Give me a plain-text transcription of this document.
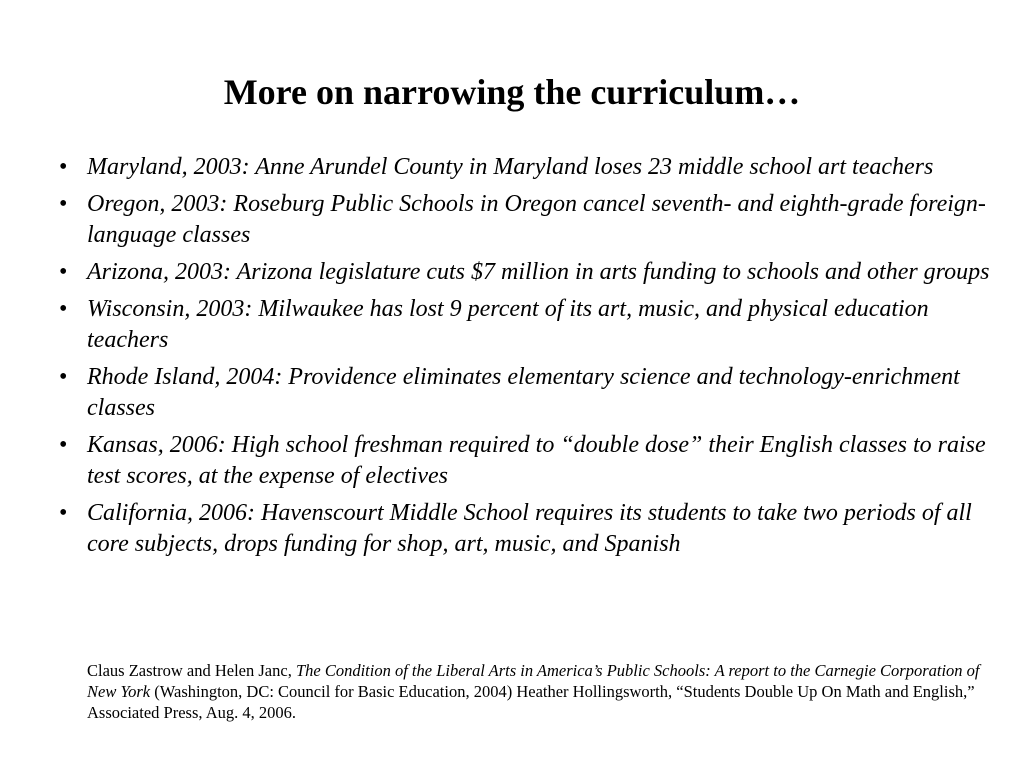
More on narrowing the curriculum…
• Maryland, 2003: Anne Arundel County in Maryland loses 23 middle school art teachers
• Oregon, 2003: Roseburg Public Schools in Oregon cancel seventh- and eighth-grade foreign-language classes
• Arizona, 2003: Arizona legislature cuts $7 million in arts funding to schools and other groups
• Wisconsin, 2003: Milwaukee has lost 9 percent of its art, music, and physical education teachers
• Rhode Island, 2004: Providence eliminates elementary science and technology-enrichment classes
• Kansas, 2006: High school freshman required to “double dose” their English classes to raise test scores, at the expense of electives
• California, 2006: Havenscourt Middle School requires its students to take two periods of all core subjects, drops funding for shop, art, music, and Spanish

Claus Zastrow and Helen Janc, The Condition of the Liberal Arts in America’s Public Schools: A report to the Carnegie Corporation of New York (Washington, DC: Council for Basic Education, 2004) Heather Hollingsworth, “Students Double Up On Math and English,” Associated Press, Aug. 4, 2006.
